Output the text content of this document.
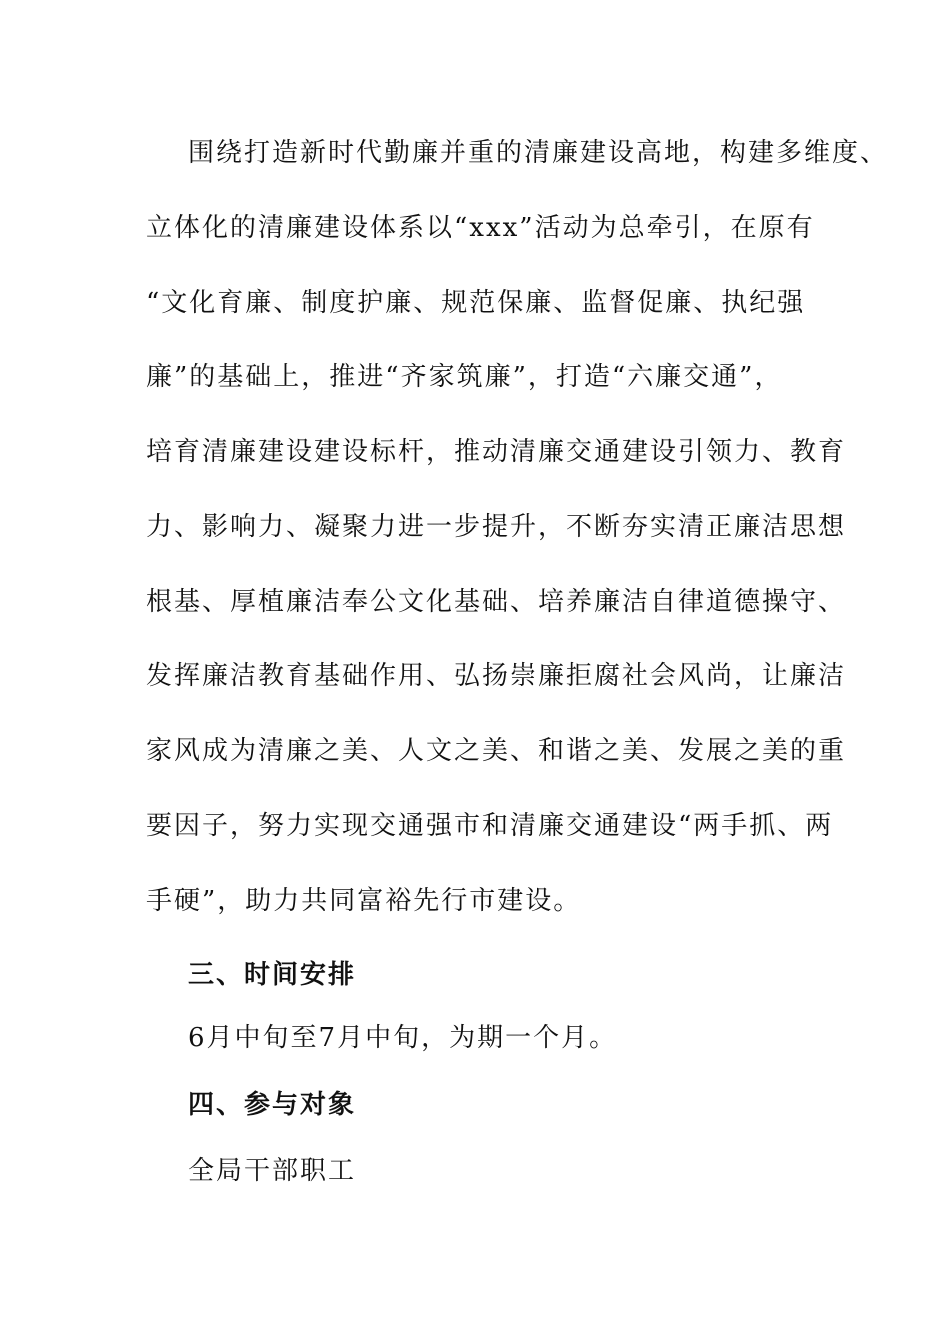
围绕打造新时代勤廉并重的清廉建设高地，构建多维度、
立体化的清廉建设体系以“xxx”活动为总牵引，在原有
“文化育廉、制度护廉、规范保廉、监督促廉、执纪强
廉”的基础上，推进“齐家筑廉”，打造“六廉交通”，
培育清廉建设建设标杆，推动清廉交通建设引领力、教育
力、影响力、凝聚力进一步提升，不断夯实清正廉洁思想
根基、厚植廉洁奉公文化基础、培养廉洁自律道德操守、
发挥廉洁教育基础作用、弘扬崇廉拒腐社会风尚，让廉洁
家风成为清廉之美、人文之美、和谐之美、发展之美的重
要因子，努力实现交通强市和清廉交通建设“两手抓、两
手硬”，助力共同富裕先行市建设。
三、时间安排
6月中旬至7月中旬，为期一个月。
四、参与对象
全局干部职工
